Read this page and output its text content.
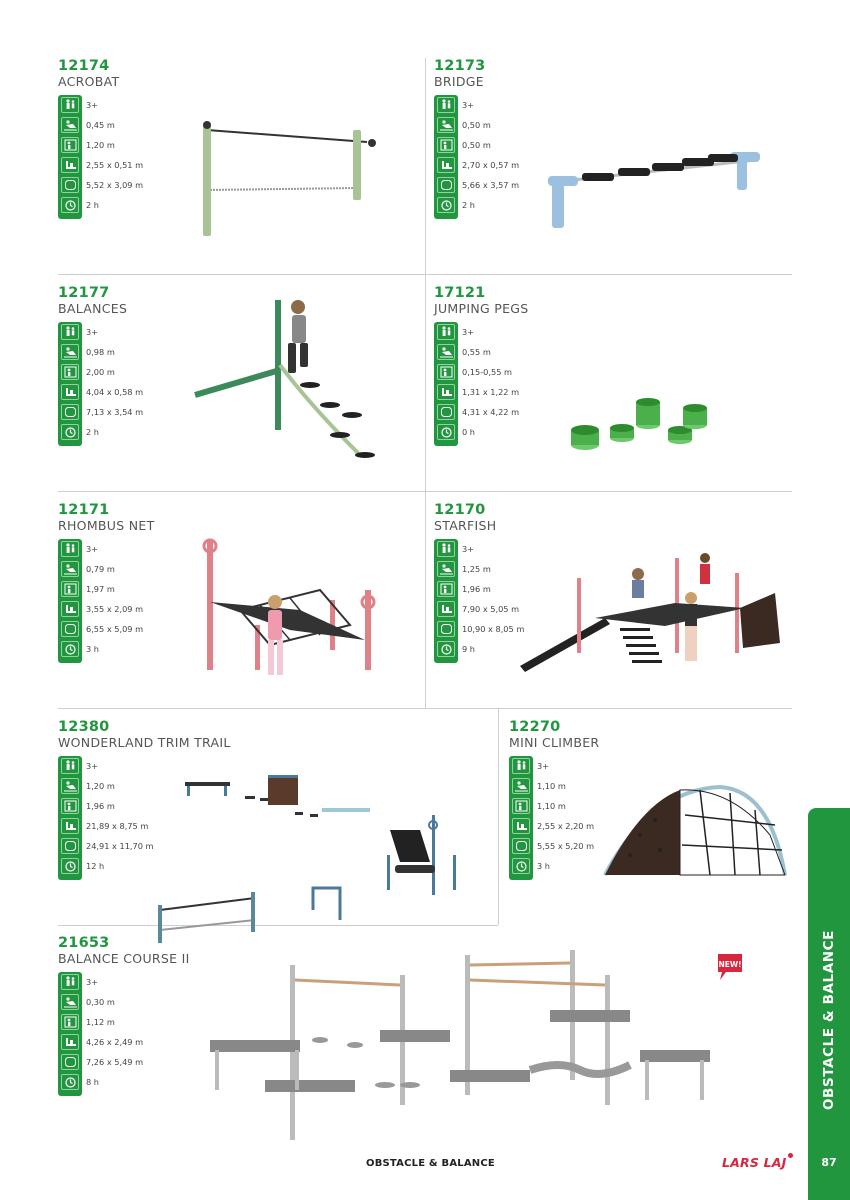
12174
ACROBAT
3+
0,45 m
1,20 m
2,55 x 0,51 m
5,52 x 3,09 m
2 h
12173
BRIDGE
3+
0,50 m
0,50 m
2,70 x 0,57 m
5,66 x 3,57 m
2 h
12177
BALANCES
3+
0,98 m
2,00 m
4,04 x 0,58 m
7,13 x 3,54 m
2 h
17121
JUMPING PEGS
3+
0,55 m
0,15-0,55 m
1,31 x 1,22 m
4,31 x 4,22 m
0 h
12171
RHOMBUS NET
3+
0,79 m
1,97 m
3,55 x 2,09 m
6,55 x 5,09 m
3 h
12170
STARFISH
3+
1,25 m
1,96 m
7,90 x 5,05 m
10,90 x 8,05 m
9 h
12380
WONDERLAND TRIM TRAIL
3+
1,20 m
1,96 m
21,89 x 8,75 m
24,91 x 11,70 m
12 h
12270
MINI CLIMBER
3+
1,10 m
1,10 m
2,55 x 2,20 m
5,55 x 5,20 m
3 h
21653
BALANCE COURSE II
3+
0,30 m
1,12 m
4,26 x 2,49 m
7,26 x 5,49 m
8 h
NEW!	OBSTACLE & BALANCE
87
OBSTACLE & BALANCE	LARS LAJ
